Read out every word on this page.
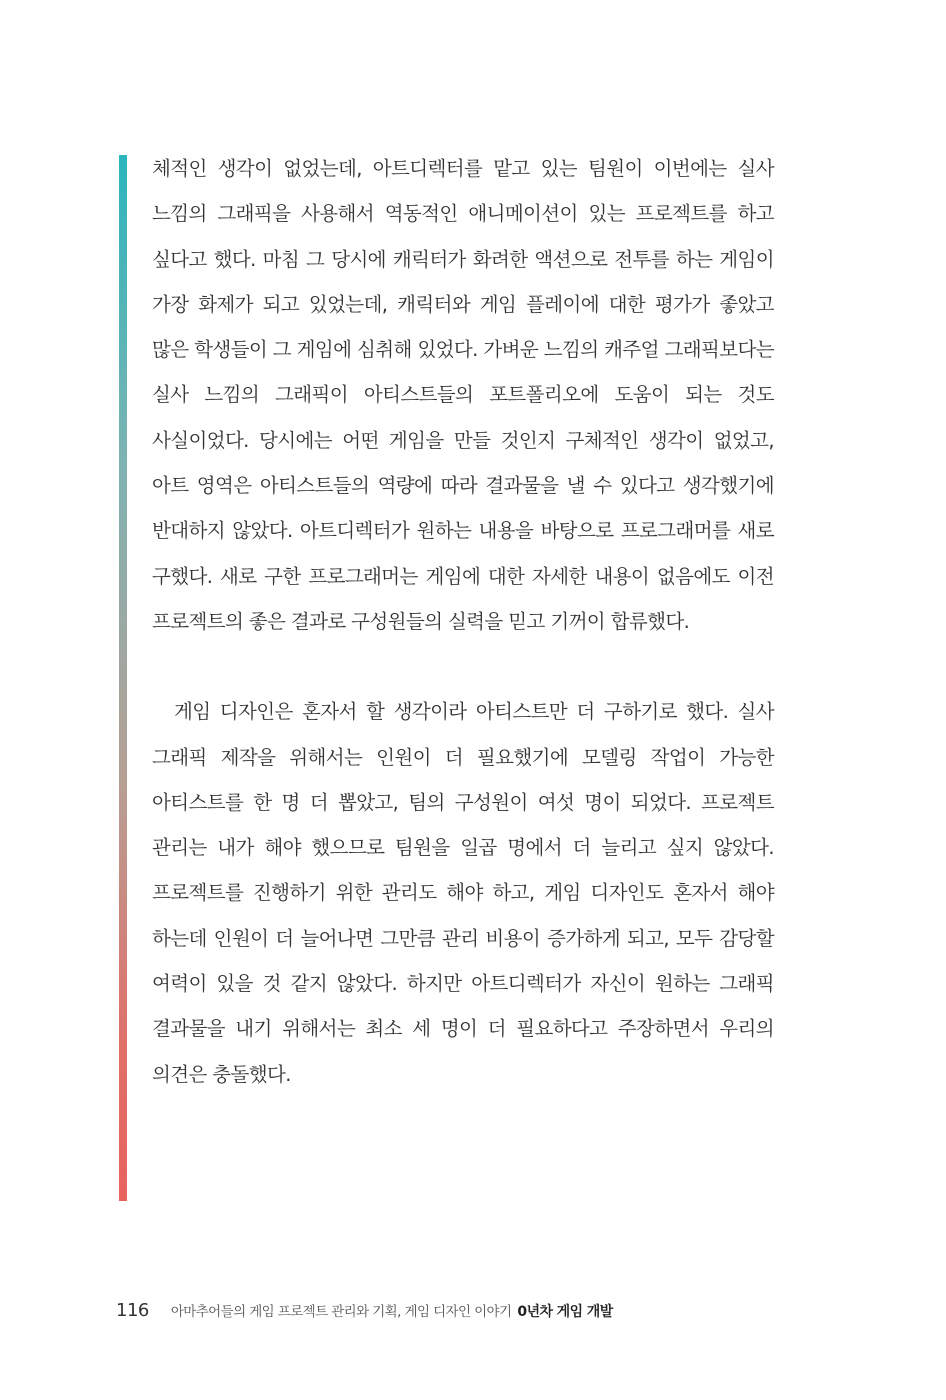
체적인 생각이 없었는데, 아트디렉터를 맡고 있는 팀원이 이번에는 실사 느낌의 그래픽을 사용해서 역동적인 애니메이션이 있는 프로젝트를 하고 싶다고 했다. 마침 그 당시에 캐릭터가 화려한 액션으로 전투를 하는 게임이 가장 화제가 되고 있었는데, 캐릭터와 게임 플레이에 대한 평가가 좋았고 많은 학생들이 그 게임에 심취해 있었다. 가벼운 느낌의 캐주얼 그래픽보다는 실사 느낌의 그래픽이 아티스트들의 포트폴리오에 도움이 되는 것도 사실이었다. 당시에는 어떤 게임을 만들 것인지 구체적인 생각이 없었고, 아트 영역은 아티스트들의 역량에 따라 결과물을 낼 수 있다고 생각했기에 반대하지 않았다. 아트디렉터가 원하는 내용을 바탕으로 프로그래머를 새로 구했다. 새로 구한 프로그래머는 게임에 대한 자세한 내용이 없음에도 이전 프로젝트의 좋은 결과로 구성원들의 실력을 믿고 기꺼이 합류했다.

게임 디자인은 혼자서 할 생각이라 아티스트만 더 구하기로 했다. 실사 그래픽 제작을 위해서는 인원이 더 필요했기에 모델링 작업이 가능한 아티스트를 한 명 더 뽑았고, 팀의 구성원이 여섯 명이 되었다. 프로젝트 관리는 내가 해야 했으므로 팀원을 일곱 명에서 더 늘리고 싶지 않았다. 프로젝트를 진행하기 위한 관리도 해야 하고, 게임 디자인도 혼자서 해야 하는데 인원이 더 늘어나면 그만큼 관리 비용이 증가하게 되고, 모두 감당할 여력이 있을 것 같지 않았다. 하지만 아트디렉터가 자신이 원하는 그래픽 결과물을 내기 위해서는 최소 세 명이 더 필요하다고 주장하면서 우리의 의견은 충돌했다.

116 아마추어들의 게임 프로젝트 관리와 기획, 게임 디자인 이야기 0년차 게임 개발
